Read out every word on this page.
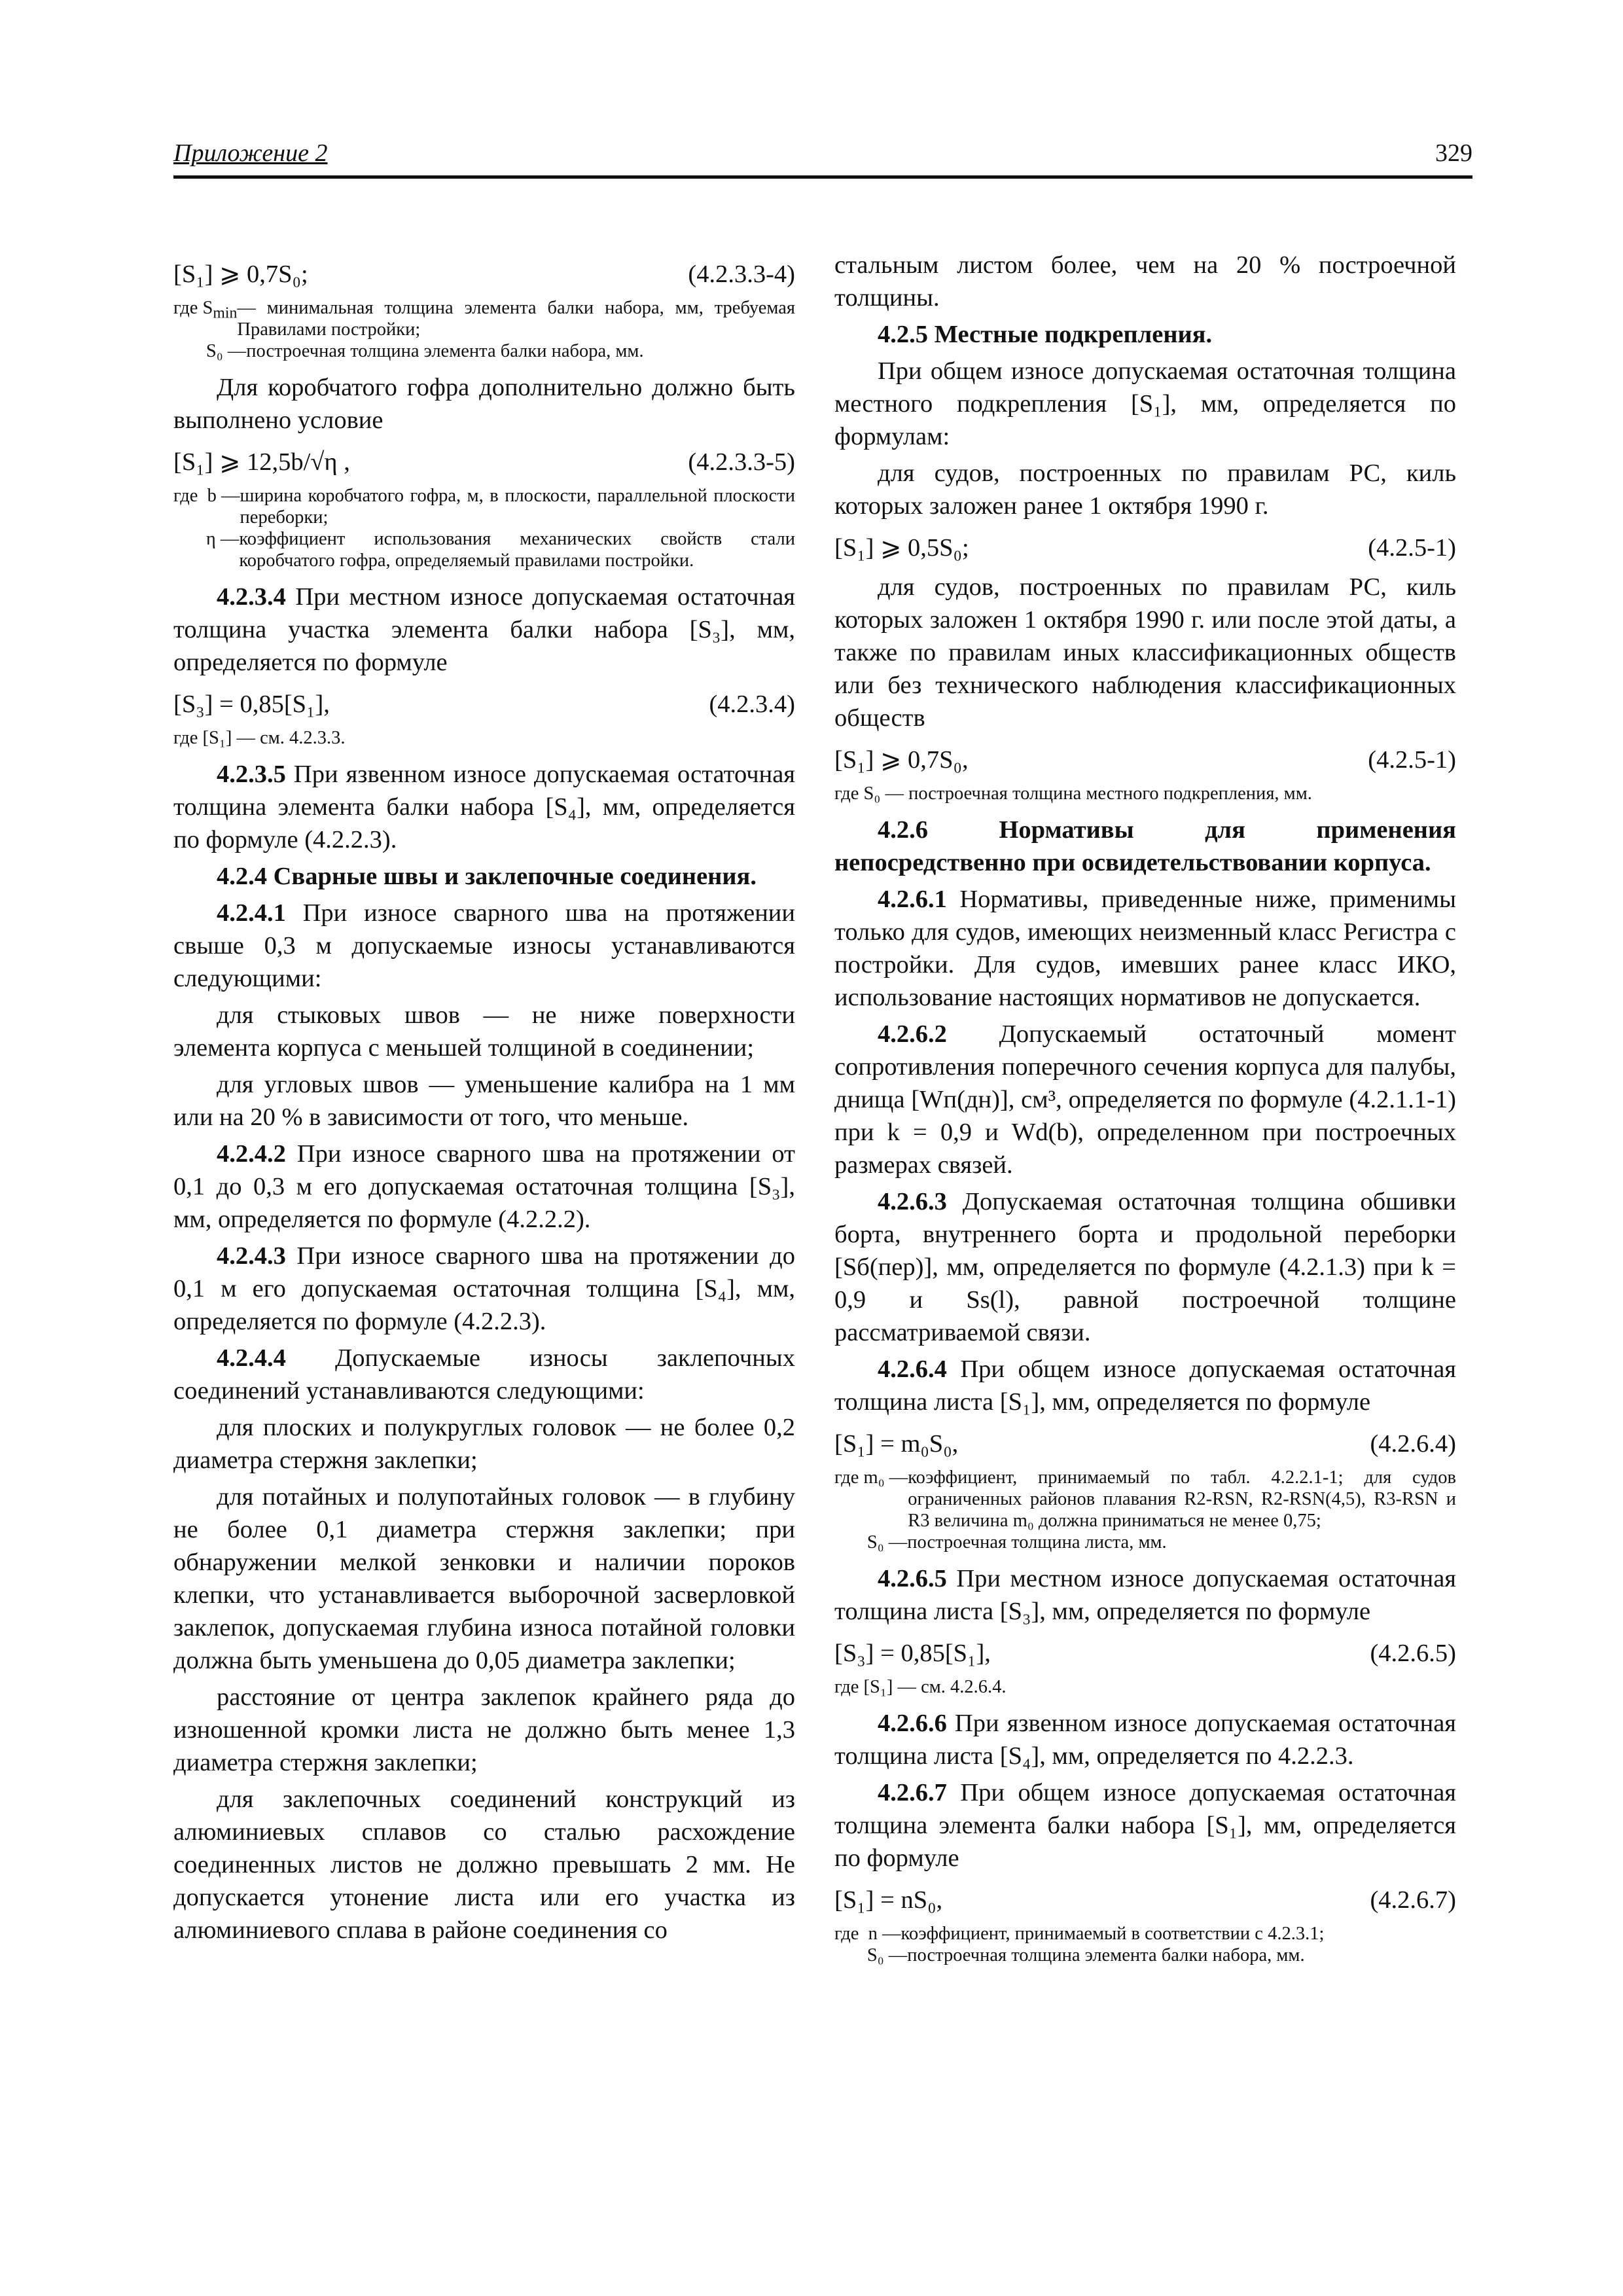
Приложение 2	329
[S₁] ⩾ 0,7S₀;	(4.2.3.3-4)
где $S_{min}$ — минимальная толщина элемента балки набора, мм, требуемая Правилами постройки;
S₀ — построечная толщина элемента балки набора, мм.

Для коробчатого гофра дополнительно должно быть выполнено условие

[S₁] ⩾ 12,5b/√η ,	(4.2.3.3-5)
где  b — ширина коробчатого гофра, м, в плоскости, параллельной плоскости переборки;
η — коэффициент использования механических свойств стали коробчатого гофра, определяемый правилами постройки.

4.2.3.4 При местном износе допускаемая остаточная толщина участка элемента балки набора [S₃], мм, определяется по формуле

[S₃] = 0,85[S₁],	(4.2.3.4)
где [S₁] — см. 4.2.3.3.

4.2.3.5 При язвенном износе допускаемая остаточная толщина элемента балки набора [S₄], мм, определяется по формуле (4.2.2.3).

4.2.4 Сварные швы и заклепочные соединения.

4.2.4.1 При износе сварного шва на протяжении свыше 0,3 м допускаемые износы устанавливаются следующими:

для стыковых швов — не ниже поверхности элемента корпуса с меньшей толщиной в соединении;

для угловых швов — уменьшение калибра на 1 мм или на 20 % в зависимости от того, что меньше.

4.2.4.2 При износе сварного шва на протяжении от 0,1 до 0,3 м его допускаемая остаточная толщина [S₃], мм, определяется по формуле (4.2.2.2).

4.2.4.3 При износе сварного шва на протяжении до 0,1 м его допускаемая остаточная толщина [S₄], мм, определяется по формуле (4.2.2.3).

4.2.4.4 Допускаемые износы заклепочных соединений устанавливаются следующими:

для плоских и полукруглых головок — не более 0,2 диаметра стержня заклепки;

для потайных и полупотайных головок — в глубину не более 0,1 диаметра стержня заклепки; при обнаружении мелкой зенковки и наличии пороков клепки, что устанавливается выборочной засверловкой заклепок, допускаемая глубина износа потайной головки должна быть уменьшена до 0,05 диаметра заклепки;

расстояние от центра заклепок крайнего ряда до изношенной кромки листа не должно быть менее 1,3 диаметра стержня заклепки;

для заклепочных соединений конструкций из алюминиевых сплавов со сталью расхождение соединенных листов не должно превышать 2 мм. Не допускается утонение листа или его участка из алюминиевого сплава в районе соединения со

стальным листом более, чем на 20 % построечной толщины.

4.2.5 Местные подкрепления.

При общем износе допускаемая остаточная толщина местного подкрепления [S₁], мм, определяется по формулам:

для судов, построенных по правилам РС, киль которых заложен ранее 1 октября 1990 г.

[S₁] ⩾ 0,5S₀;	(4.2.5-1)

для судов, построенных по правилам РС, киль которых заложен 1 октября 1990 г. или после этой даты, а также по правилам иных классификационных обществ или без технического наблюдения классификационных обществ

[S₁] ⩾ 0,7S₀,	(4.2.5-1)
где S₀ — построечная толщина местного подкрепления, мм.

4.2.6 Нормативы для применения непосредственно при освидетельствовании корпуса.

4.2.6.1 Нормативы, приведенные ниже, применимы только для судов, имеющих неизменный класс Регистра с постройки. Для судов, имевших ранее класс ИКО, использование настоящих нормативов не допускается.

4.2.6.2 Допускаемый остаточный момент сопротивления поперечного сечения корпуса для палубы, днища [Wп(дн)], см³, определяется по формуле (4.2.1.1-1) при k = 0,9 и Wd(b), определенном при построечных размерах связей.

4.2.6.3 Допускаемая остаточная толщина обшивки борта, внутреннего борта и продольной переборки [Sб(пер)], мм, определяется по формуле (4.2.1.3) при k = 0,9 и Ss(l), равной построечной толщине рассматриваемой связи.

4.2.6.4 При общем износе допускаемая остаточная толщина листа [S₁], мм, определяется по формуле

[S₁] = m₀S₀,	(4.2.6.4)
где m₀ — коэффициент, принимаемый по табл. 4.2.2.1-1; для судов ограниченных районов плавания R2-RSN, R2-RSN(4,5), R3-RSN и R3 величина m₀ должна приниматься не менее 0,75;
S₀ — построечная толщина листа, мм.

4.2.6.5 При местном износе допускаемая остаточная толщина листа [S₃], мм, определяется по формуле

[S₃] = 0,85[S₁],	(4.2.6.5)
где [S₁] — см. 4.2.6.4.

4.2.6.6 При язвенном износе допускаемая остаточная толщина листа [S₄], мм, определяется по 4.2.2.3.

4.2.6.7 При общем износе допускаемая остаточная толщина элемента балки набора [S₁], мм, определяется по формуле

[S₁] = nS₀,	(4.2.6.7)
где  n — коэффициент, принимаемый в соответствии с 4.2.3.1;
S₀ — построечная толщина элемента балки набора, мм.
